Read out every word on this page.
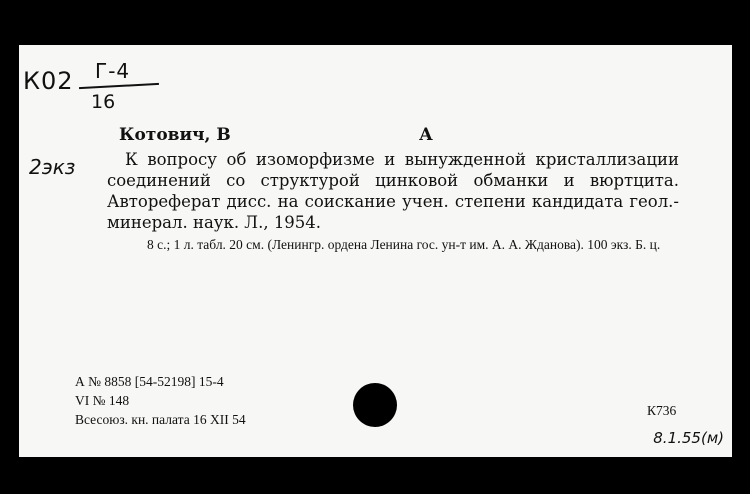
К02 Г-4
16
2экз
Котович, В	А
К вопросу об изоморфизме и вынужденной кристаллизации соединений со структурой цинковой обманки и вюртцита. Автореферат дисс. на соискание учен. степени кандидата геол.-минерал. наук. Л., 1954.
8 с.; 1 л. табл. 20 см. (Ленингр. ордена Ленина гос. ун-т им. А. А. Жданова). 100 экз. Б. ц.
А № 8858 [54-52198] 15-4
VI № 148
Всесоюз. кн. палата 16 XII 54
К736
8.1.55(м)
